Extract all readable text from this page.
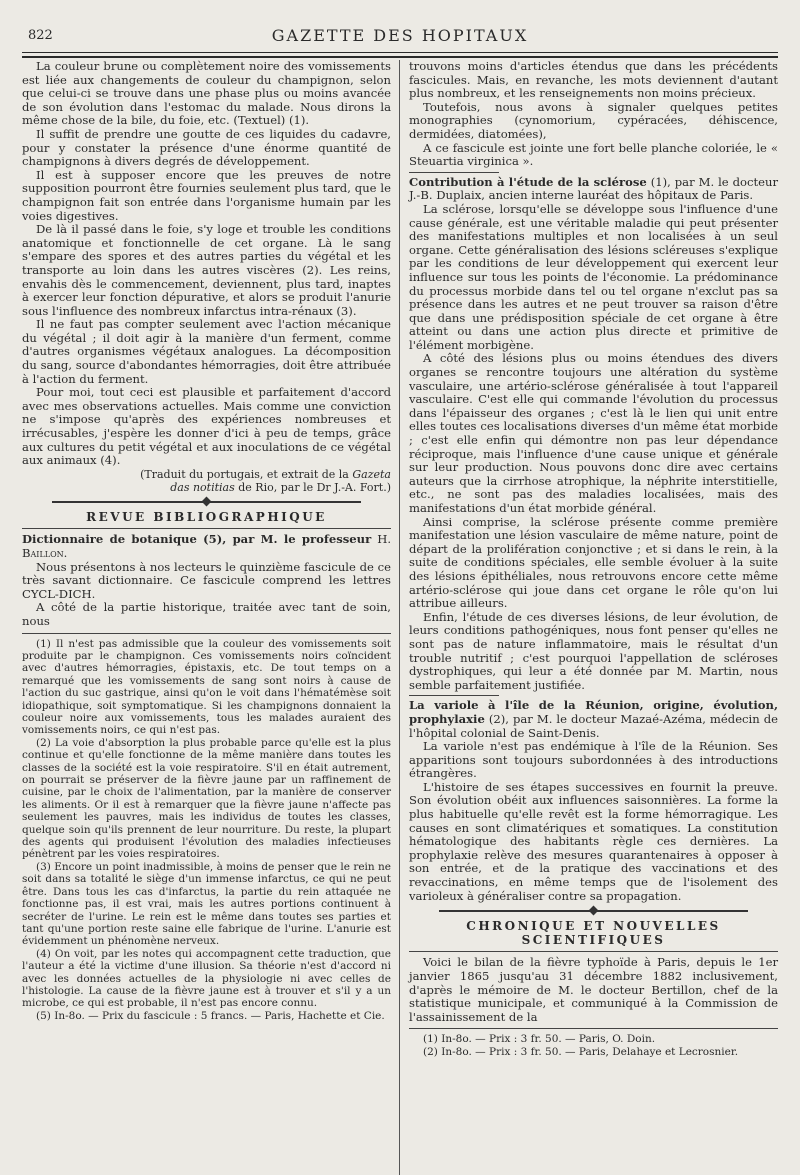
822	GAZETTE DES HOPITAUX

La couleur brune ou complètement noire des vomissements est liée aux changements de couleur du champignon, selon que celui-ci se trouve dans une phase plus ou moins avancée de son évolution dans l'estomac du malade. Nous dirons la même chose de la bile, du foie, etc. (Textuel) (1).

Il suffit de prendre une goutte de ces liquides du cadavre, pour y constater la présence d'une énorme quantité de champignons à divers degrés de développement.

Il est à supposer encore que les preuves de notre supposition pourront être fournies seulement plus tard, que le champignon fait son entrée dans l'organisme humain par les voies digestives.

De là il passé dans le foie, s'y loge et trouble les conditions anatomique et fonctionnelle de cet organe. Là le sang s'empare des spores et des autres parties du végétal et les transporte au loin dans les autres viscères (2). Les reins, envahis dès le commencement, deviennent, plus tard, inaptes à exercer leur fonction dépurative, et alors se produit l'anurie sous l'influence des nombreux infarctus intra-rénaux (3).

Il ne faut pas compter seulement avec l'action mécanique du végétal ; il doit agir à la manière d'un ferment, comme d'autres organismes végétaux analogues. La décomposition du sang, source d'abondantes hémorragies, doit être attribuée à l'action du ferment.

Pour moi, tout ceci est plausible et parfaitement d'accord avec mes observations actuelles. Mais comme une conviction ne s'impose qu'après des expériences nombreuses et irrécusables, j'espère les donner d'ici à peu de temps, grâce aux cultures du petit végétal et aux inoculations de ce végétal aux animaux (4).

(Traduit du portugais, et extrait de la Gazeta
das notitias de Rio, par le Dr J.-A. Fort.)

REVUE BIBLIOGRAPHIQUE

Dictionnaire de botanique (5), par M. le professeur H. Baillon.

Nous présentons à nos lecteurs le quinzième fascicule de ce très savant dictionnaire. Ce fascicule comprend les lettres CYCL-DICH.

A côté de la partie historique, traitée avec tant de soin, nous

(1) Il n'est pas admissible que la couleur des vomissements soit produite par le champignon. Ces vomissements noirs coïncident avec d'autres hémorragies, épistaxis, etc. De tout temps on a remarqué que les vomissements de sang sont noirs à cause de l'action du suc gastrique, ainsi qu'on le voit dans l'hématémèse soit idiopathique, soit symptomatique. Si les champignons donnaient la couleur noire aux vomissements, tous les malades auraient des vomissements noirs, ce qui n'est pas.

(2) La voie d'absorption la plus probable parce qu'elle est la plus continue et qu'elle fonctionne de la même manière dans toutes les classes de la société est la voie respiratoire. S'il en était autrement, on pourrait se préserver de la fièvre jaune par un raffinement de cuisine, par le choix de l'alimentation, par la manière de conserver les aliments. Or il est à remarquer que la fièvre jaune n'affecte pas seulement les pauvres, mais les individus de toutes les classes, quelque soin qu'ils prennent de leur nourriture. Du reste, la plupart des agents qui produisent l'évolution des maladies infectieuses pénètrent par les voies respiratoires.

(3) Encore un point inadmissible, à moins de penser que le rein ne soit dans sa totalité le siège d'un immense infarctus, ce qui ne peut être. Dans tous les cas d'infarctus, la partie du rein attaquée ne fonctionne pas, il est vrai, mais les autres portions continuent à secréter de l'urine. Le rein est le même dans toutes ses parties et tant qu'une portion reste saine elle fabrique de l'urine. L'anurie est évidemment un phénomène nerveux.

(4) On voit, par les notes qui accompagnent cette traduction, que l'auteur a été la victime d'une illusion. Sa théorie n'est d'accord ni avec les données actuelles de la physiologie ni avec celles de l'histologie. La cause de la fièvre jaune est à trouver et s'il y a un microbe, ce qui est probable, il n'est pas encore connu.

(5) In-8o. — Prix du fascicule : 5 francs. — Paris, Hachette et Cie.

trouvons moins d'articles étendus que dans les précédents fascicules. Mais, en revanche, les mots deviennent d'autant plus nombreux, et les renseignements non moins précieux.

Toutefois, nous avons à signaler quelques petites monographies (cynomorium, cypéracées, déhiscence, dermidées, diatomées),

A ce fascicule est jointe une fort belle planche coloriée, le « Steuartia virginica ».

Contribution à l'étude de la sclérose (1), par M. le docteur J.-B. Duplaix, ancien interne lauréat des hôpitaux de Paris.

La sclérose, lorsqu'elle se développe sous l'influence d'une cause générale, est une véritable maladie qui peut présenter des manifestations multiples et non localisées à un seul organe. Cette généralisation des lésions scléreuses s'explique par les conditions de leur développement qui exercent leur influence sur tous les points de l'économie. La prédominance du processus morbide dans tel ou tel organe n'exclut pas sa présence dans les autres et ne peut trouver sa raison d'être que dans une prédisposition spéciale de cet organe à être atteint ou dans une action plus directe et primitive de l'élément morbigène.

A côté des lésions plus ou moins étendues des divers organes se rencontre toujours une altération du système vasculaire, une artério-sclérose généralisée à tout l'appareil vasculaire. C'est elle qui commande l'évolution du processus dans l'épaisseur des organes ; c'est là le lien qui unit entre elles toutes ces localisations diverses d'un même état morbide ; c'est elle enfin qui démontre non pas leur dépendance réciproque, mais l'influence d'une cause unique et générale sur leur production. Nous pouvons donc dire avec certains auteurs que la cirrhose atrophique, la néphrite interstitielle, etc., ne sont pas des maladies localisées, mais des manifestations d'un état morbide général.

Ainsi comprise, la sclérose présente comme première manifestation une lésion vasculaire de même nature, point de départ de la prolifération conjonctive ; et si dans le rein, à la suite de conditions spéciales, elle semble évoluer à la suite des lésions épithéliales, nous retrouvons encore cette même artério-sclérose qui joue dans cet organe le rôle qu'on lui attribue ailleurs.

Enfin, l'étude de ces diverses lésions, de leur évolution, de leurs conditions pathogéniques, nous font penser qu'elles ne sont pas de nature inflammatoire, mais le résultat d'un trouble nutritif ; c'est pourquoi l'appellation de scléroses dystrophiques, qui leur a été donnée par M. Martin, nous semble parfaitement justifiée.

La variole à l'île de la Réunion, origine, évolution, prophylaxie (2), par M. le docteur Mazaé-Azéma, médecin de l'hôpital colonial de Saint-Denis.

La variole n'est pas endémique à l'île de la Réunion. Ses apparitions sont toujours subordonnées à des introductions étrangères.

L'histoire de ses étapes successives en fournit la preuve. Son évolution obéit aux influences saisonnières. La forme la plus habituelle qu'elle revêt est la forme hémorragique. Les causes en sont climatériques et somatiques. La constitution hématologique des habitants règle ces dernières. La prophylaxie relève des mesures quarantenaires à opposer à son entrée, et de la pratique des vaccinations et des revaccinations, en même temps que de l'isolement des varioleux à généraliser contre sa propagation.

CHRONIQUE ET NOUVELLES SCIENTIFIQUES

Voici le bilan de la fièvre typhoïde à Paris, depuis le 1er janvier 1865 jusqu'au 31 décembre 1882 inclusivement, d'après le mémoire de M. le docteur Bertillon, chef de la statistique municipale, et communiqué à la Commission de l'assainissement de la

(1) In-8o. — Prix : 3 fr. 50. — Paris, O. Doin.

(2) In-8o. — Prix : 3 fr. 50. — Paris, Delahaye et Lecrosnier.
